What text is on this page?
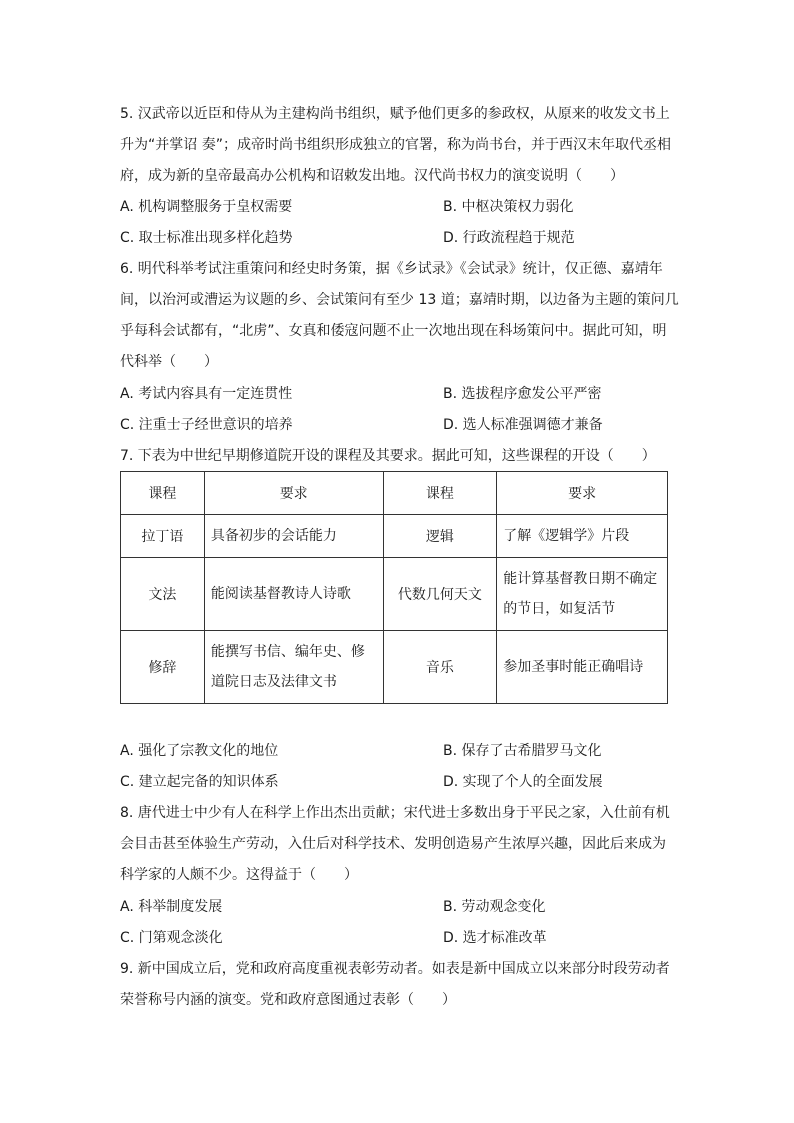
5. 汉武帝以近臣和侍从为主建构尚书组织，赋予他们更多的参政权，从原来的收发文书上
升为“并掌诏 奏”；成帝时尚书组织形成独立的官署，称为尚书台，并于西汉末年取代丞相
府，成为新的皇帝最高办公机构和诏敕发出地。汉代尚书权力的演变说明（　　）
A. 机构调整服务于皇权需要	B. 中枢决策权力弱化
C. 取士标准出现多样化趋势	D. 行政流程趋于规范
6. 明代科举考试注重策问和经史时务策，据《乡试录》《会试录》统计，仅正德、嘉靖年
间，以治河或漕运为议题的乡、会试策问有至少 13 道；嘉靖时期，以边备为主题的策问几
乎每科会试都有，“北虏”、女真和倭寇问题不止一次地出现在科场策问中。据此可知，明
代科举（　　）
A. 考试内容具有一定连贯性	B. 选拔程序愈发公平严密
C. 注重士子经世意识的培养	D. 选人标准强调德才兼备
7. 下表为中世纪早期修道院开设的课程及其要求。据此可知，这些课程的开设（　　）
课程	要求	课程	要求
拉丁语	具备初步的会话能力	逻辑	了解《逻辑学》片段
文法	能阅读基督教诗人诗歌	代数几何天文	能计算基督教日期不确定的节日，如复活节
修辞	能撰写书信、编年史、修道院日志及法律文书	音乐	参加圣事时能正确唱诗
A. 强化了宗教文化的地位	B. 保存了古希腊罗马文化
C. 建立起完备的知识体系	D. 实现了个人的全面发展
8. 唐代进士中少有人在科学上作出杰出贡献；宋代进士多数出身于平民之家，入仕前有机
会目击甚至体验生产劳动，入仕后对科学技术、发明创造易产生浓厚兴趣，因此后来成为
科学家的人颇不少。这得益于（　　）
A. 科举制度发展	B. 劳动观念变化
C. 门第观念淡化	D. 选才标准改革
9. 新中国成立后，党和政府高度重视表彰劳动者。如表是新中国成立以来部分时段劳动者
荣誉称号内涵的演变。党和政府意图通过表彰（　　）
